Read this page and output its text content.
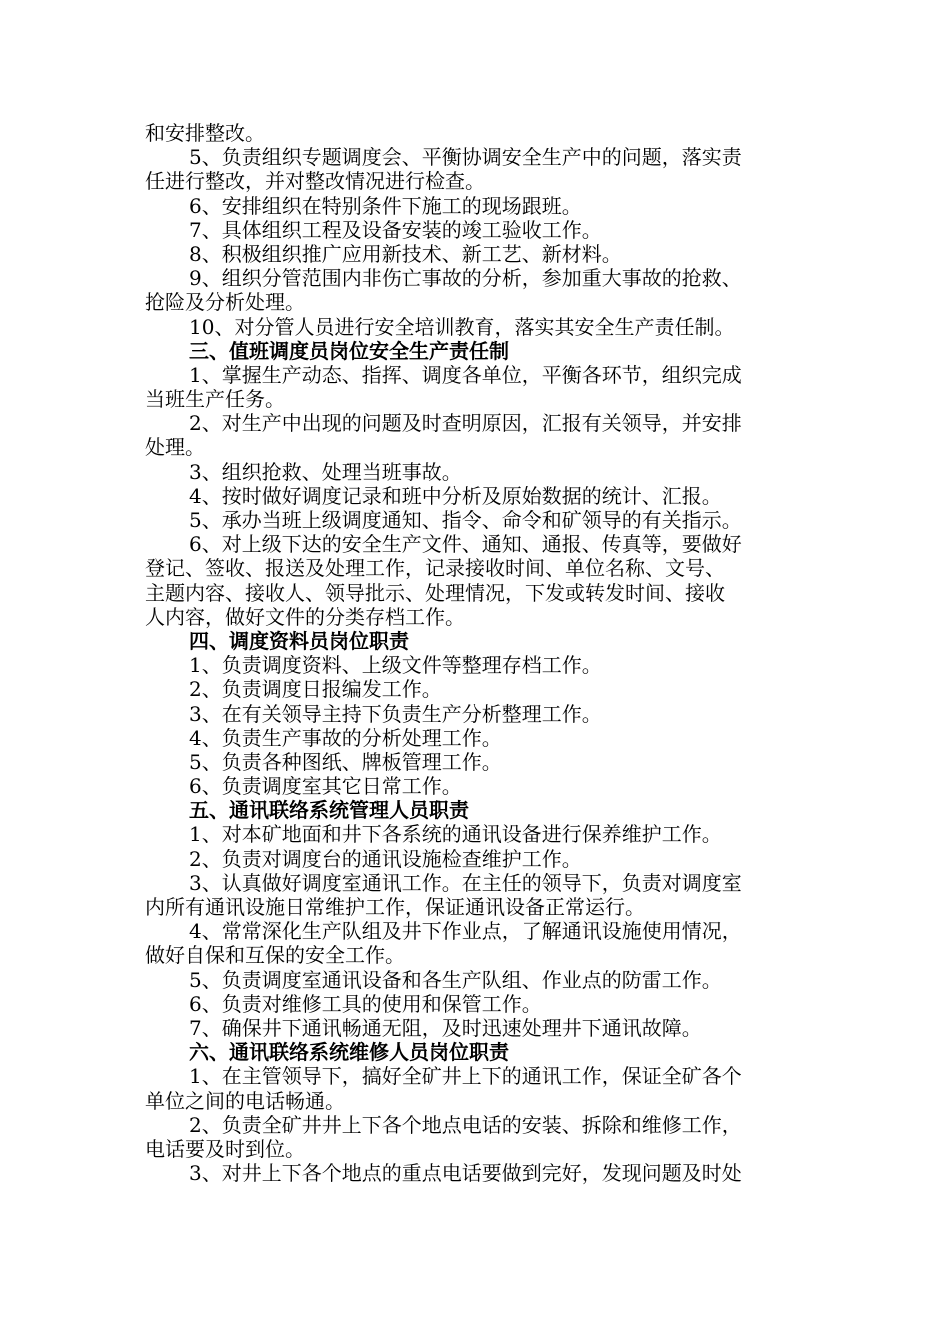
和安排整改。
5、负责组织专题调度会、平衡协调安全生产中的问题，落实责
任进行整改，并对整改情况进行检查。
6、安排组织在特别条件下施工的现场跟班。
7、具体组织工程及设备安装的竣工验收工作。
8、积极组织推广应用新技术、新工艺、新材料。
9、组织分管范围内非伤亡事故的分析，参加重大事故的抢救、
抢险及分析处理。
10、对分管人员进行安全培训教育，落实其安全生产责任制。
三、值班调度员岗位安全生产责任制
1、掌握生产动态、指挥、调度各单位，平衡各环节，组织完成
当班生产任务。
2、对生产中出现的问题及时查明原因，汇报有关领导，并安排
处理。
3、组织抢救、处理当班事故。
4、按时做好调度记录和班中分析及原始数据的统计、汇报。
5、承办当班上级调度通知、指令、命令和矿领导的有关指示。
6、对上级下达的安全生产文件、通知、通报、传真等，要做好
登记、签收、报送及处理工作，记录接收时间、单位名称、文号、
主题内容、接收人、领导批示、处理情况，下发或转发时间、接收
人内容，做好文件的分类存档工作。
四、调度资料员岗位职责
1、负责调度资料、上级文件等整理存档工作。
2、负责调度日报编发工作。
3、在有关领导主持下负责生产分析整理工作。
4、负责生产事故的分析处理工作。
5、负责各种图纸、牌板管理工作。
6、负责调度室其它日常工作。
五、通讯联络系统管理人员职责
1、对本矿地面和井下各系统的通讯设备进行保养维护工作。
2、负责对调度台的通讯设施检查维护工作。
3、认真做好调度室通讯工作。在主任的领导下，负责对调度室
内所有通讯设施日常维护工作，保证通讯设备正常运行。
4、常常深化生产队组及井下作业点，了解通讯设施使用情况，
做好自保和互保的安全工作。
5、负责调度室通讯设备和各生产队组、作业点的防雷工作。
6、负责对维修工具的使用和保管工作。
7、确保井下通讯畅通无阻，及时迅速处理井下通讯故障。
六、通讯联络系统维修人员岗位职责
1、在主管领导下，搞好全矿井上下的通讯工作，保证全矿各个
单位之间的电话畅通。
2、负责全矿井井上下各个地点电话的安装、拆除和维修工作，
电话要及时到位。
3、对井上下各个地点的重点电话要做到完好，发现问题及时处
